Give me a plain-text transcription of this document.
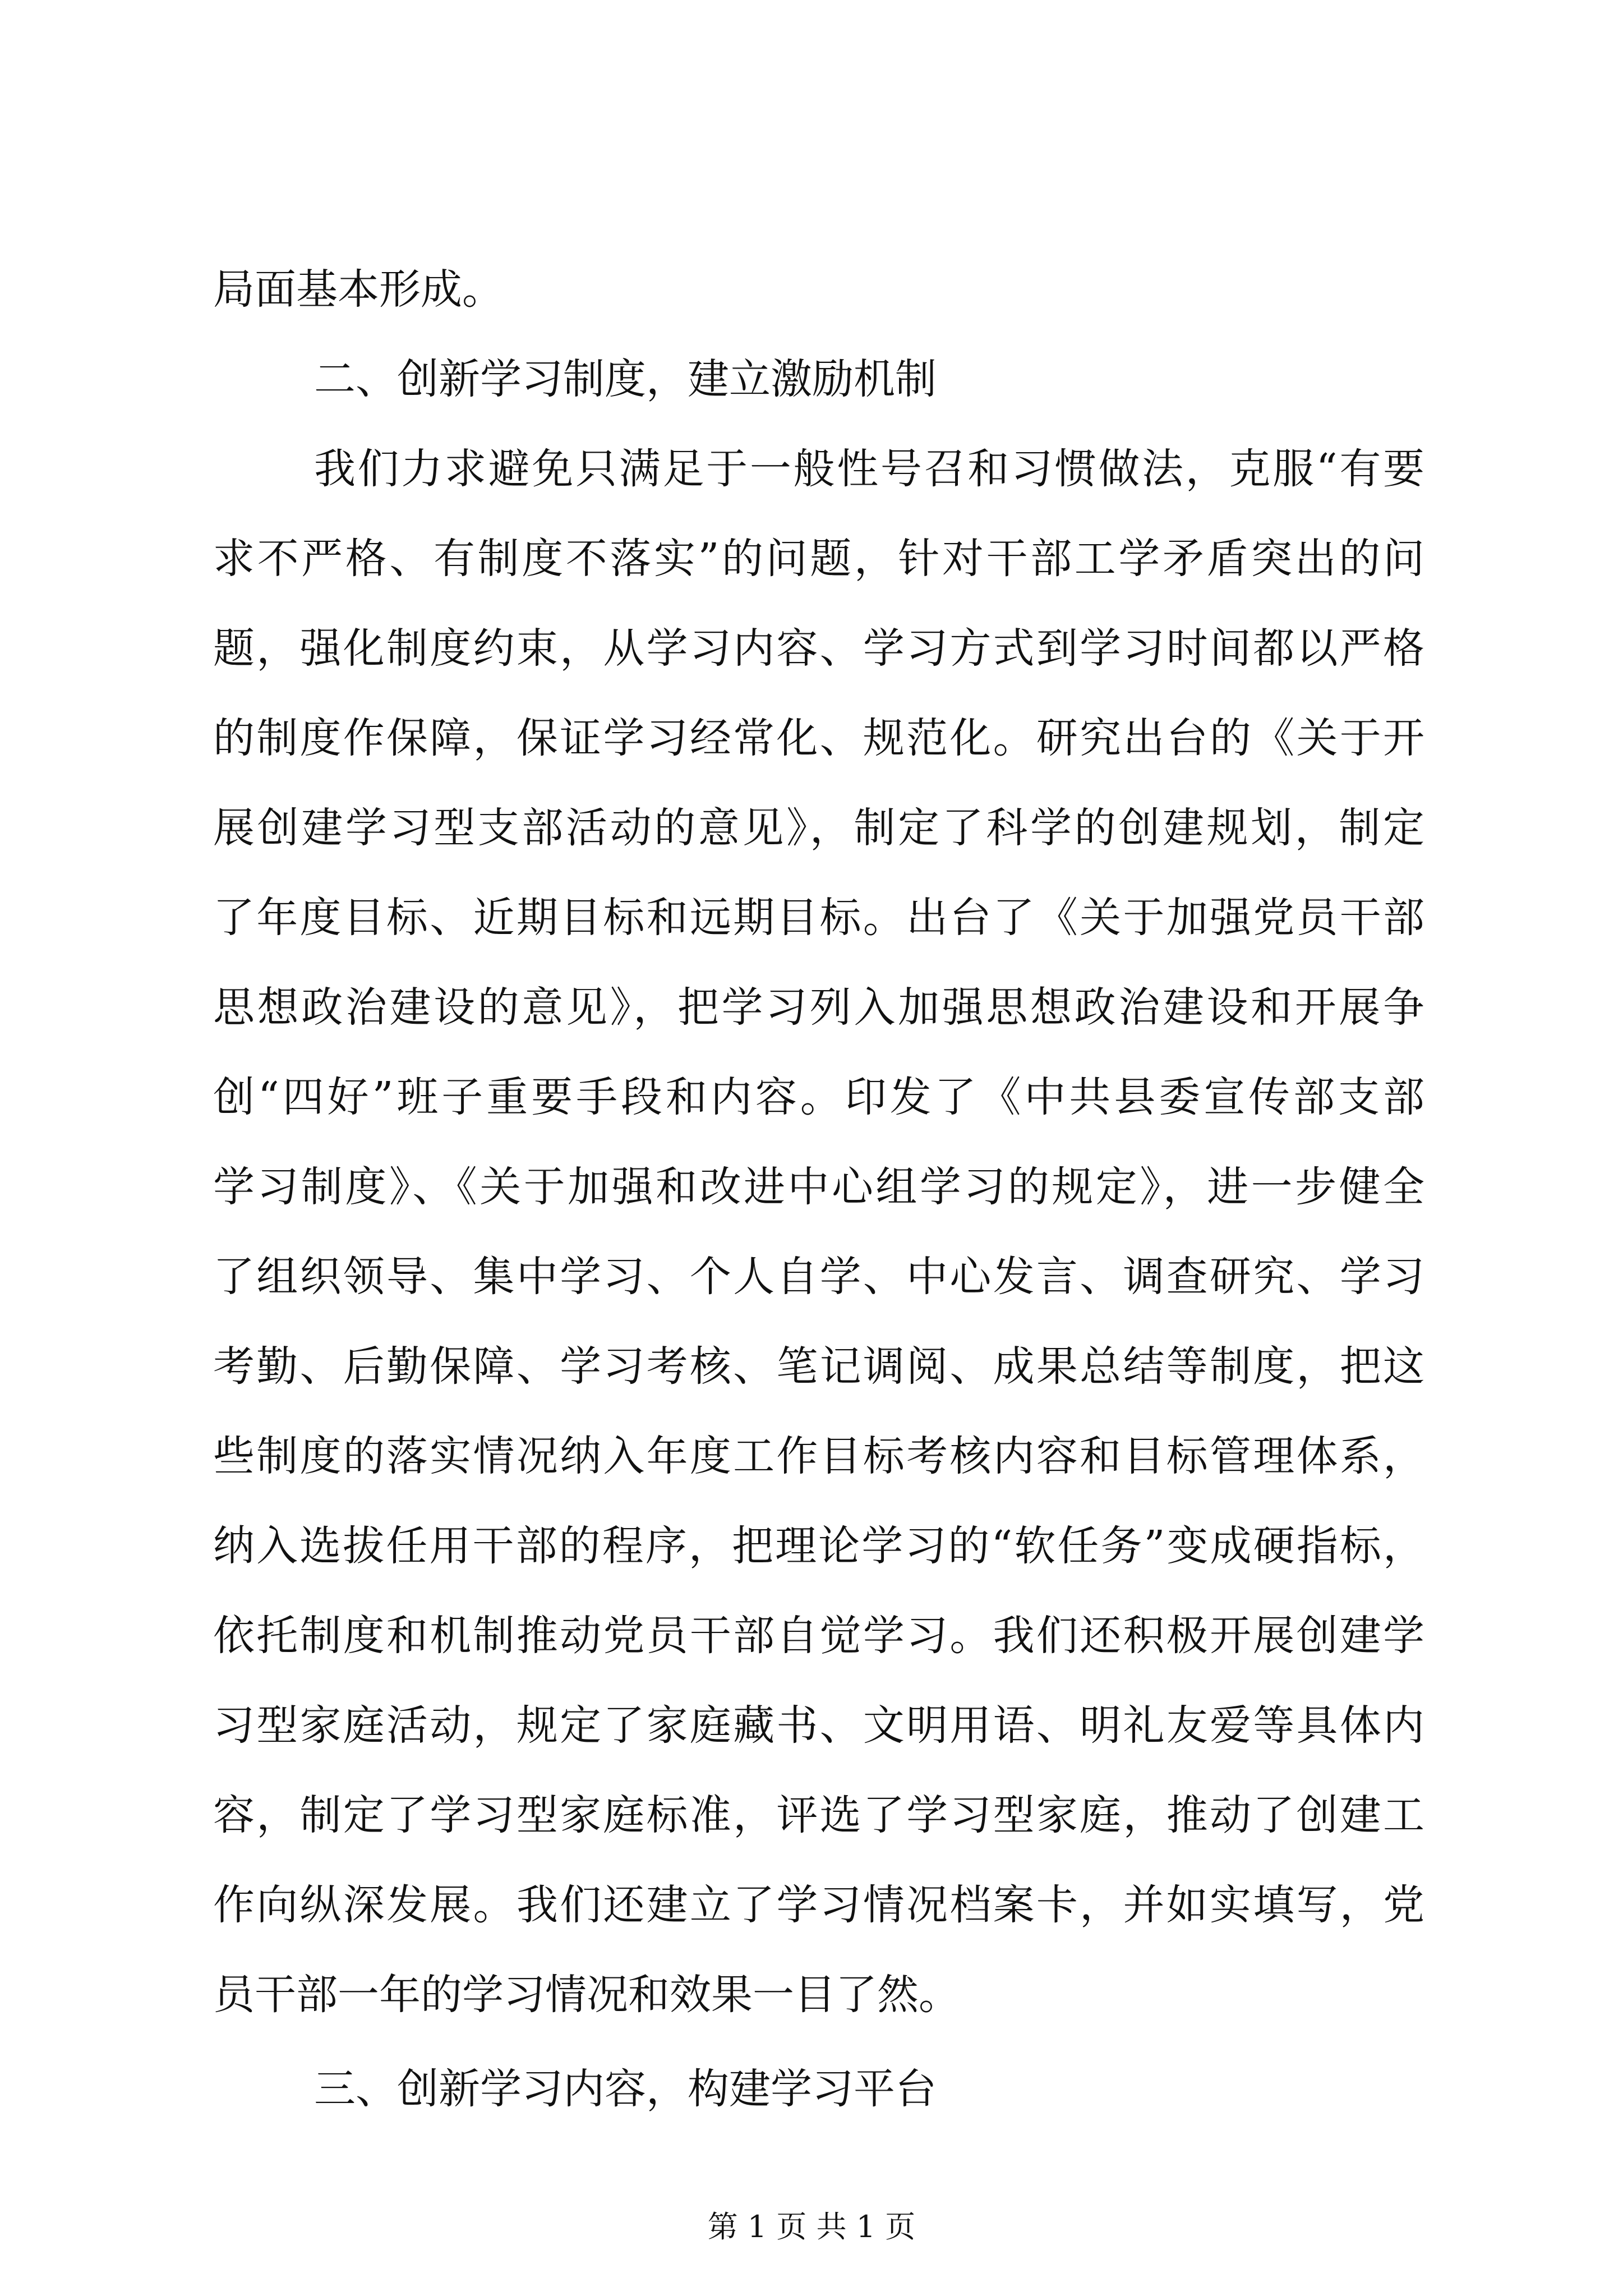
局面基本形成。
二、创新学习制度，建立激励机制
我们力求避免只满足于一般性号召和习惯做法，克服“有要
求不严格、有制度不落实”的问题，针对干部工学矛盾突出的问
题，强化制度约束，从学习内容、学习方式到学习时间都以严格
的制度作保障，保证学习经常化、规范化。研究出台的《关于开
展创建学习型支部活动的意见》，制定了科学的创建规划，制定
了年度目标、近期目标和远期目标。出台了《关于加强党员干部
思想政治建设的意见》，把学习列入加强思想政治建设和开展争
创“四好”班子重要手段和内容。印发了《中共县委宣传部支部
学习制度》、《关于加强和改进中心组学习的规定》，进一步健全
了组织领导、集中学习、个人自学、中心发言、调查研究、学习
考勤、后勤保障、学习考核、笔记调阅、成果总结等制度，把这
些制度的落实情况纳入年度工作目标考核内容和目标管理体系，
纳入选拔任用干部的程序，把理论学习的“软任务”变成硬指标，
依托制度和机制推动党员干部自觉学习。我们还积极开展创建学
习型家庭活动，规定了家庭藏书、文明用语、明礼友爱等具体内
容，制定了学习型家庭标准，评选了学习型家庭，推动了创建工
作向纵深发展。我们还建立了学习情况档案卡，并如实填写，党
员干部一年的学习情况和效果一目了然。
三、创新学习内容，构建学习平台
第 1 页 共 1 页
